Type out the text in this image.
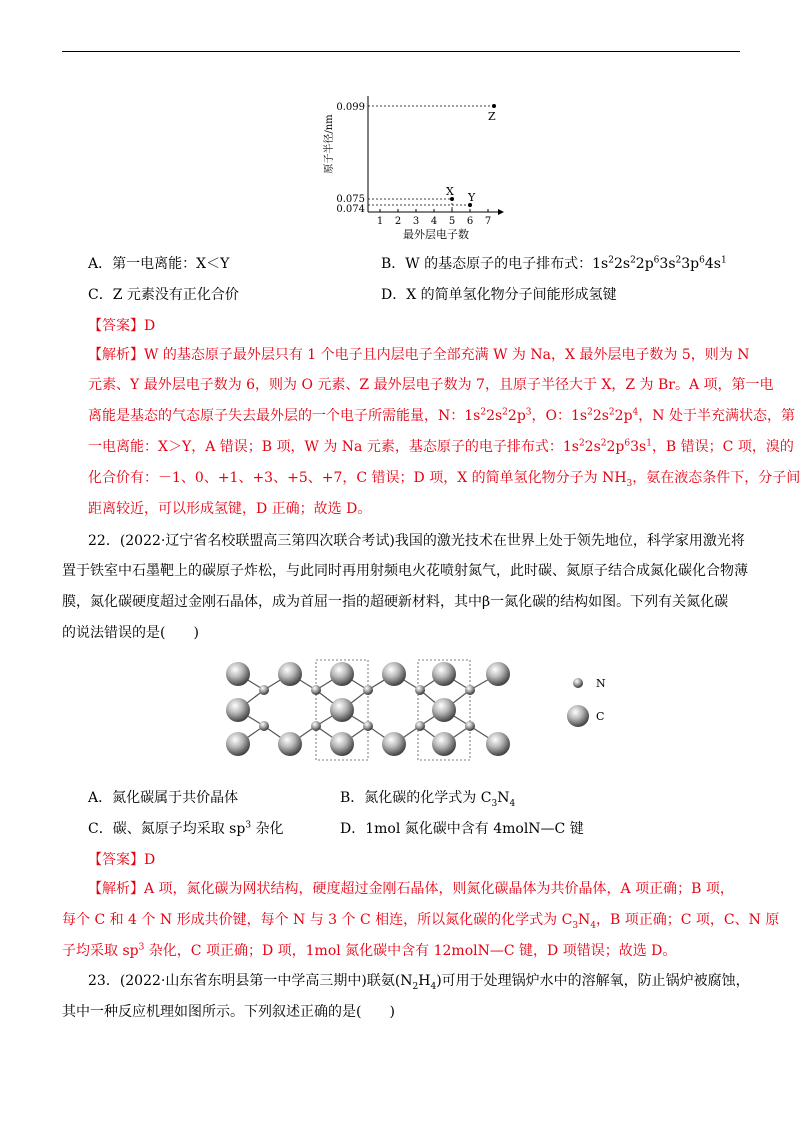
原子半径/nm
0.099
0.075
0.074
1 2 3 4 5 6 7
最外层电子数
X Y
Z
A．第一电离能：X＜Y	B．W 的基态原子的电子排布式：$1s^22s^22p^63s^23p^64s^1$
C．Z 元素没有正化合价	D．X 的简单氢化物分子间能形成氢键
【答案】D
【解析】W 的基态原子最外层只有 1 个电子且内层电子全部充满 W 为 Na，X 最外层电子数为 5，则为 N
元素、Y 最外层电子数为 6，则为 O 元素、Z 最外层电子数为 7，且原子半径大于 X，Z 为 Br。A 项，第一电
离能是基态的气态原子失去最外层的一个电子所需能量，N：$1s^22s^22p^3$，O：$1s^22s^22p^4$，N 处于半充满状态，第
一电离能：X＞Y，A 错误；B 项，W 为 Na 元素，基态原子的电子排布式：$1s^22s^22p^63s^1$，B 错误；C 项，溴的
化合价有：－1、0、+1、+3、+5、+7，C 错误；D 项，X 的简单氢化物分子为 $NH_3$，氨在液态条件下，分子间
距离较近，可以形成氢键，D 正确；故选 D。
22．(2022·辽宁省名校联盟高三第四次联合考试)我国的激光技术在世界上处于领先地位，科学家用激光将
置于铁室中石墨靶上的碳原子炸松，与此同时再用射频电火花喷射氮气，此时碳、氮原子结合成氮化碳化合物薄
膜，氮化碳硬度超过金刚石晶体，成为首屈一指的超硬新材料，其中β一氮化碳的结构如图。下列有关氮化碳
的说法错误的是(　　)
N
C
A．氮化碳属于共价晶体	B．氮化碳的化学式为 $C_3N_4$
C．碳、氮原子均采取 $sp^3$ 杂化	D．1mol 氮化碳中含有 4molN—C 键
【答案】D
【解析】A 项，氮化碳为网状结构，硬度超过金刚石晶体，则氮化碳晶体为共价晶体，A 项正确；B 项，
每个 C 和 4 个 N 形成共价键，每个 N 与 3 个 C 相连，所以氮化碳的化学式为 $C_3N_4$，B 项正确；C 项，C、N 原
子均采取 $sp^3$ 杂化，C 项正确；D 项，1mol 氮化碳中含有 12molN—C 键，D 项错误；故选 D。
23．(2022·山东省东明县第一中学高三期中)联氨$(N_2H_4)$可用于处理锅炉水中的溶解氧，防止锅炉被腐蚀，
其中一种反应机理如图所示。下列叙述正确的是(　　)
